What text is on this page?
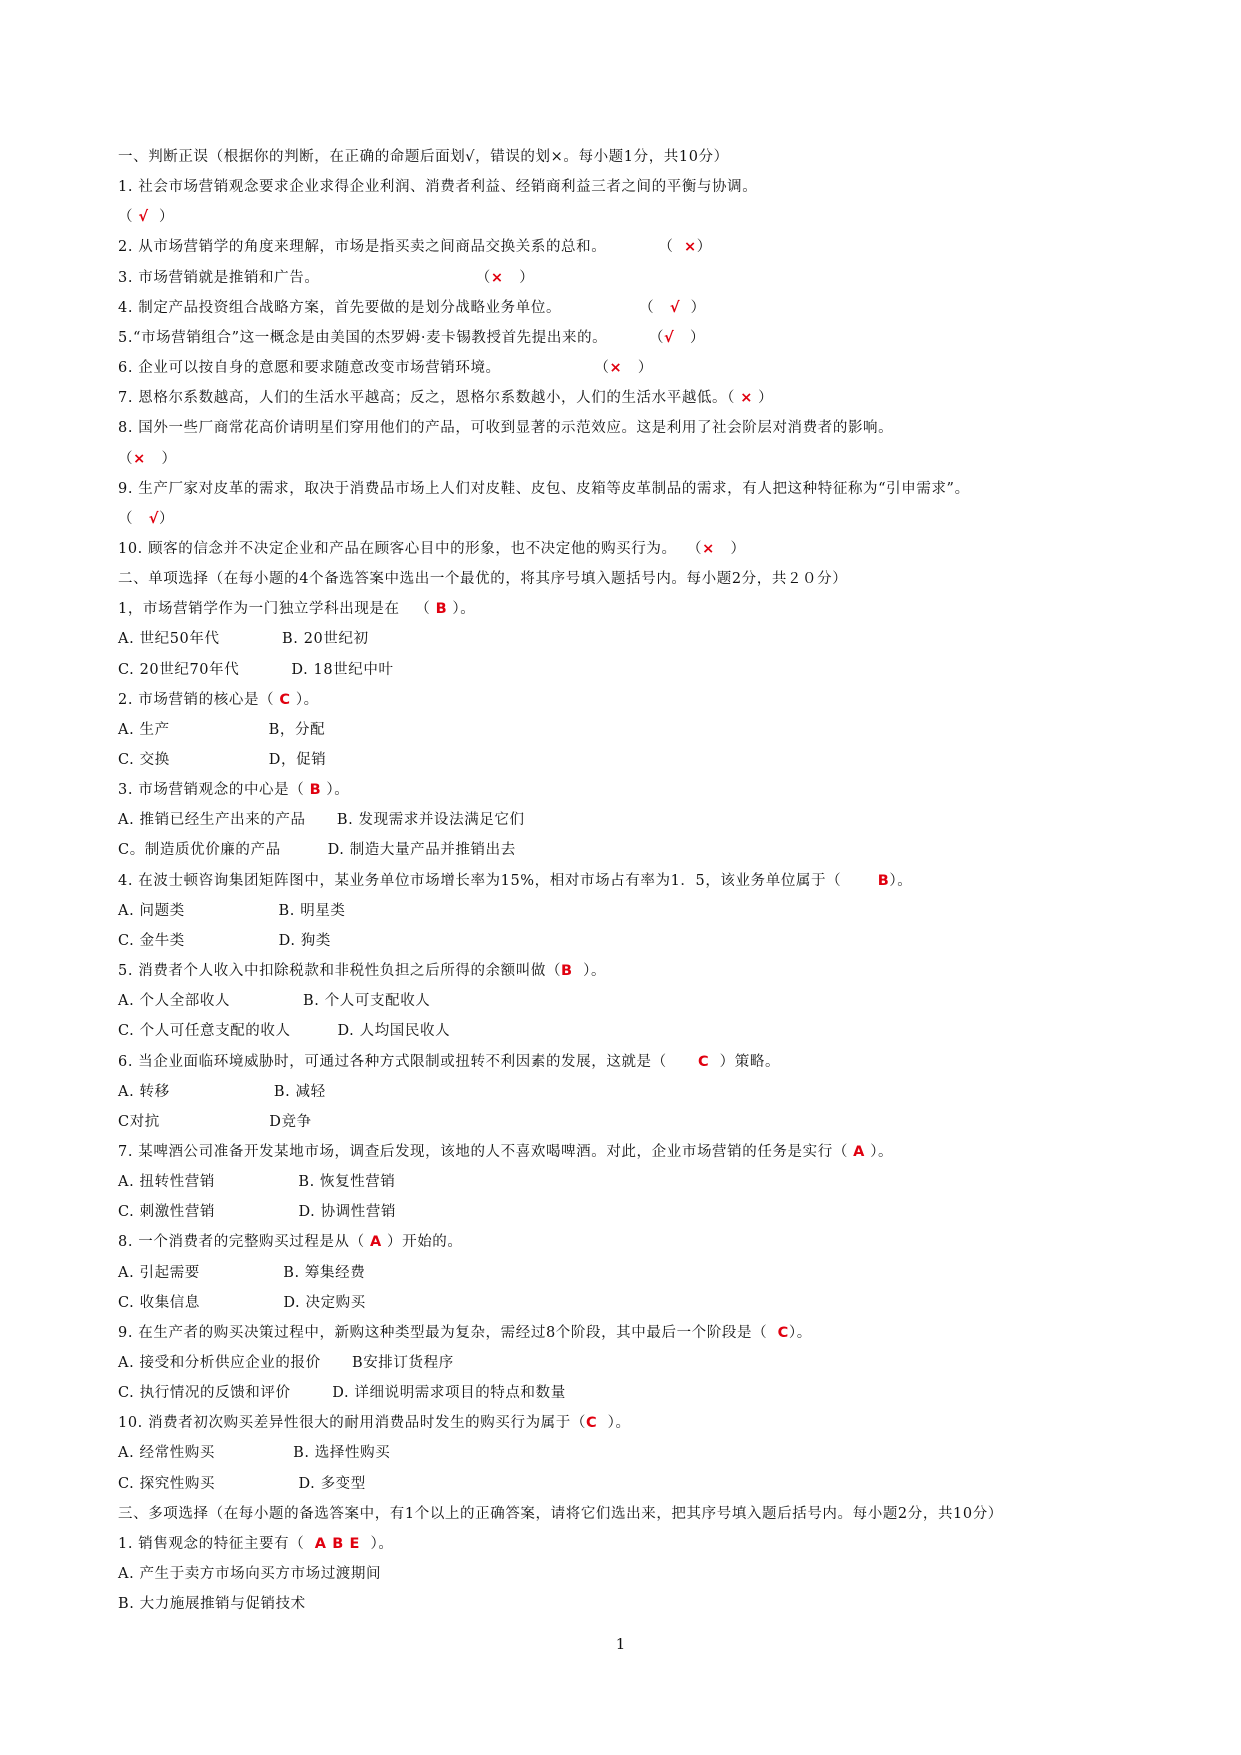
1
一、判断正误（根据你的判断，在正确的命题后面划√，错误的划×。每小题1分，共10分）
1. 社会市场营销观念要求企业求得企业利润、消费者利益、经销商利益三者之间的平衡与协调。
（ √  ）
2. 从市场营销学的角度来理解，市场是指买卖之间商品交换关系的总和。          （  ×）
3. 市场营销就是推销和广告。                              （×   ）
4. 制定产品投资组合战略方案，首先要做的是划分战略业务单位。               （   √  ）
5.“市场营销组合”这一概念是由美国的杰罗姆·麦卡锡教授首先提出来的。        （√   ）
6. 企业可以按自身的意愿和要求随意改变市场营销环境。                  （×   ）
7. 恩格尔系数越高，人们的生活水平越高；反之，恩格尔系数越小，人们的生活水平越低。（ × ）
8. 国外一些厂商常花高价请明星们穿用他们的产品，可收到显著的示范效应。这是利用了社会阶层对消费者的影响。
（×   ）
9. 生产厂家对皮革的需求，取决于消费品市场上人们对皮鞋、皮包、皮箱等皮革制品的需求，有人把这种特征称为“引申需求”。
（   √）
10. 顾客的信念并不决定企业和产品在顾客心目中的形象，也不决定他的购买行为。  （×   ）
二、单项选择（在每小题的4个备选答案中选出一个最优的，将其序号填入题括号内。每小题2分，共２０分）
1，市场营销学作为一门独立学科出现是在   （ B ）。
A. 世纪50年代            B. 20世纪初
C. 20世纪70年代          D. 18世纪中叶
2. 市场营销的核心是（ C ）。
A. 生产                   B，分配
C. 交换                   D，促销
3. 市场营销观念的中心是（ B ）。
A. 推销已经生产出来的产品      B. 发现需求并设法满足它们
C。制造质优价廉的产品         D. 制造大量产品并推销出去
4. 在波士顿咨询集团矩阵图中，某业务单位市场增长率为15%，相对市场占有率为1．5，该业务单位属于（       B）。
A. 问题类                  B. 明星类
C. 金牛类                  D. 狗类
5. 消费者个人收入中扣除税款和非税性负担之后所得的余额叫做（B  ）。
A. 个人全部收人              B. 个人可支配收人
C. 个人可任意支配的收人         D. 人均国民收人
6. 当企业面临环境威胁时，可通过各种方式限制或扭转不利因素的发展，这就是（      C  ）策略。
A. 转移                    B. 减轻
C对抗                     D竞争
7. 某啤酒公司准备开发某地市场，调查后发现，该地的人不喜欢喝啤酒。对此，企业市场营销的任务是实行（ A ）。
A. 扭转性营销                B. 恢复性营销
C. 刺激性营销                D. 协调性营销
8. 一个消费者的完整购买过程是从（ A ）开始的。
A. 引起需要                B. 筹集经费
C. 收集信息                D. 决定购买
9. 在生产者的购买决策过程中，新购这种类型最为复杂，需经过8个阶段，其中最后一个阶段是（  C）。
A. 接受和分析供应企业的报价      B安排订货程序
C. 执行情况的反馈和评价        D. 详细说明需求项目的特点和数量
10. 消费者初次购买差异性很大的耐用消费品时发生的购买行为属于（C  ）。
A. 经常性购买               B. 选择性购买
C. 探究性购买                D. 多变型
三、多项选择（在每小题的备选答案中，有1个以上的正确答案，请将它们选出来，把其序号填入题后括号内。每小题2分，共10分）
1. 销售观念的特征主要有（  A B E  ）。
A. 产生于卖方市场向买方市场过渡期间
B. 大力施展推销与促销技术
